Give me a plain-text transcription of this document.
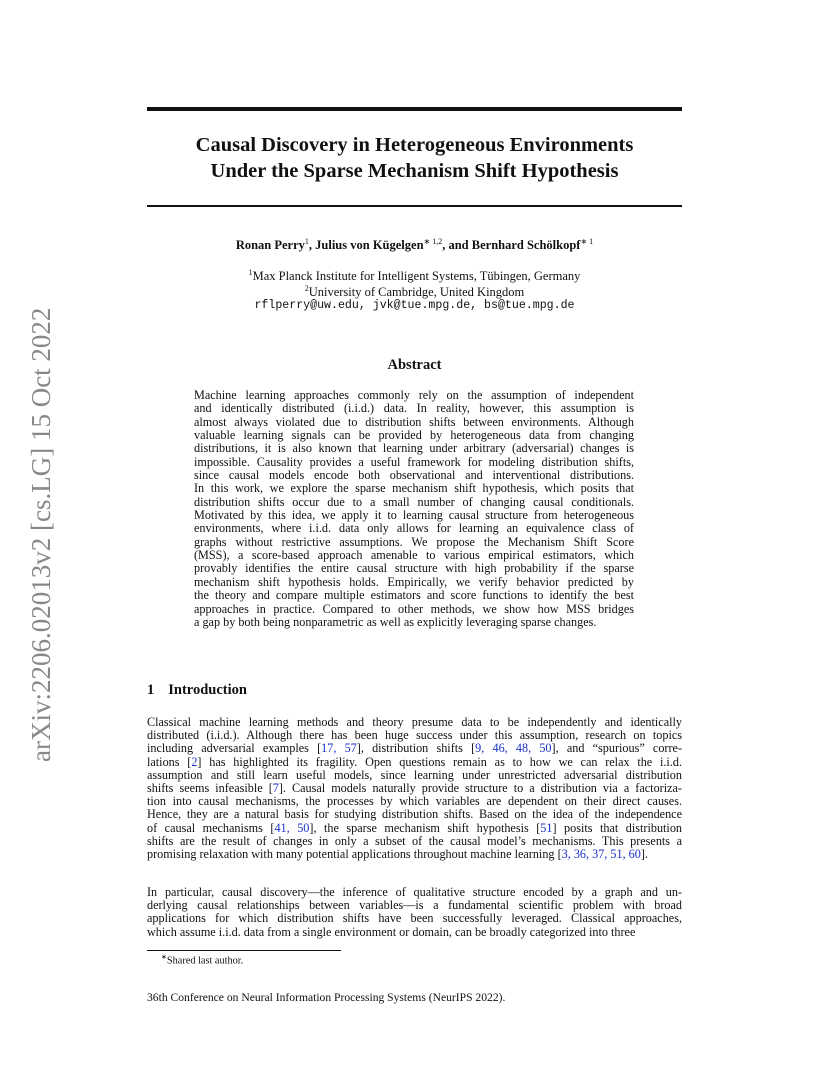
arXiv:2206.02013v2 [cs.LG] 15 Oct 2022
Causal Discovery in Heterogeneous Environments
Under the Sparse Mechanism Shift Hypothesis
Ronan Perry$^1$, Julius von Kügelgen$^{∗ 1,2}$, and Bernhard Schölkopf$^{∗ 1}$
$^1$Max Planck Institute for Intelligent Systems, Tübingen, Germany
$^2$University of Cambridge, United Kingdom
rflperry@uw.edu, jvk@tue.mpg.de, bs@tue.mpg.de
Abstract
Machine learning approaches commonly rely on the assumption of independent
and identically distributed (i.i.d.) data. In reality, however, this assumption is
almost always violated due to distribution shifts between environments. Although
valuable learning signals can be provided by heterogeneous data from changing
distributions, it is also known that learning under arbitrary (adversarial) changes is
impossible. Causality provides a useful framework for modeling distribution shifts,
since causal models encode both observational and interventional distributions.
In this work, we explore the sparse mechanism shift hypothesis, which posits that
distribution shifts occur due to a small number of changing causal conditionals.
Motivated by this idea, we apply it to learning causal structure from heterogeneous
environments, where i.i.d. data only allows for learning an equivalence class of
graphs without restrictive assumptions. We propose the Mechanism Shift Score
(MSS), a score-based approach amenable to various empirical estimators, which
provably identifies the entire causal structure with high probability if the sparse
mechanism shift hypothesis holds. Empirically, we verify behavior predicted by
the theory and compare multiple estimators and score functions to identify the best
approaches in practice. Compared to other methods, we show how MSS bridges
a gap by both being nonparametric as well as explicitly leveraging sparse changes.
1 Introduction
Classical machine learning methods and theory presume data to be independently and identically
distributed (i.i.d.). Although there has been huge success under this assumption, research on topics
including adversarial examples [17, 57], distribution shifts [9, 46, 48, 50], and “spurious” corre-
lations [2] has highlighted its fragility. Open questions remain as to how we can relax the i.i.d.
assumption and still learn useful models, since learning under unrestricted adversarial distribution
shifts seems infeasible [7]. Causal models naturally provide structure to a distribution via a factoriza-
tion into causal mechanisms, the processes by which variables are dependent on their direct causes.
Hence, they are a natural basis for studying distribution shifts. Based on the idea of the independence
of causal mechanisms [41, 50], the sparse mechanism shift hypothesis [51] posits that distribution
shifts are the result of changes in only a subset of the causal model’s mechanisms. This presents a
promising relaxation with many potential applications throughout machine learning [3, 36, 37, 51, 60].
In particular, causal discovery—the inference of qualitative structure encoded by a graph and un-
derlying causal relationships between variables—is a fundamental scientific problem with broad
applications for which distribution shifts have been successfully leveraged. Classical approaches,
which assume i.i.d. data from a single environment or domain, can be broadly categorized into three
∗Shared last author.
36th Conference on Neural Information Processing Systems (NeurIPS 2022).
